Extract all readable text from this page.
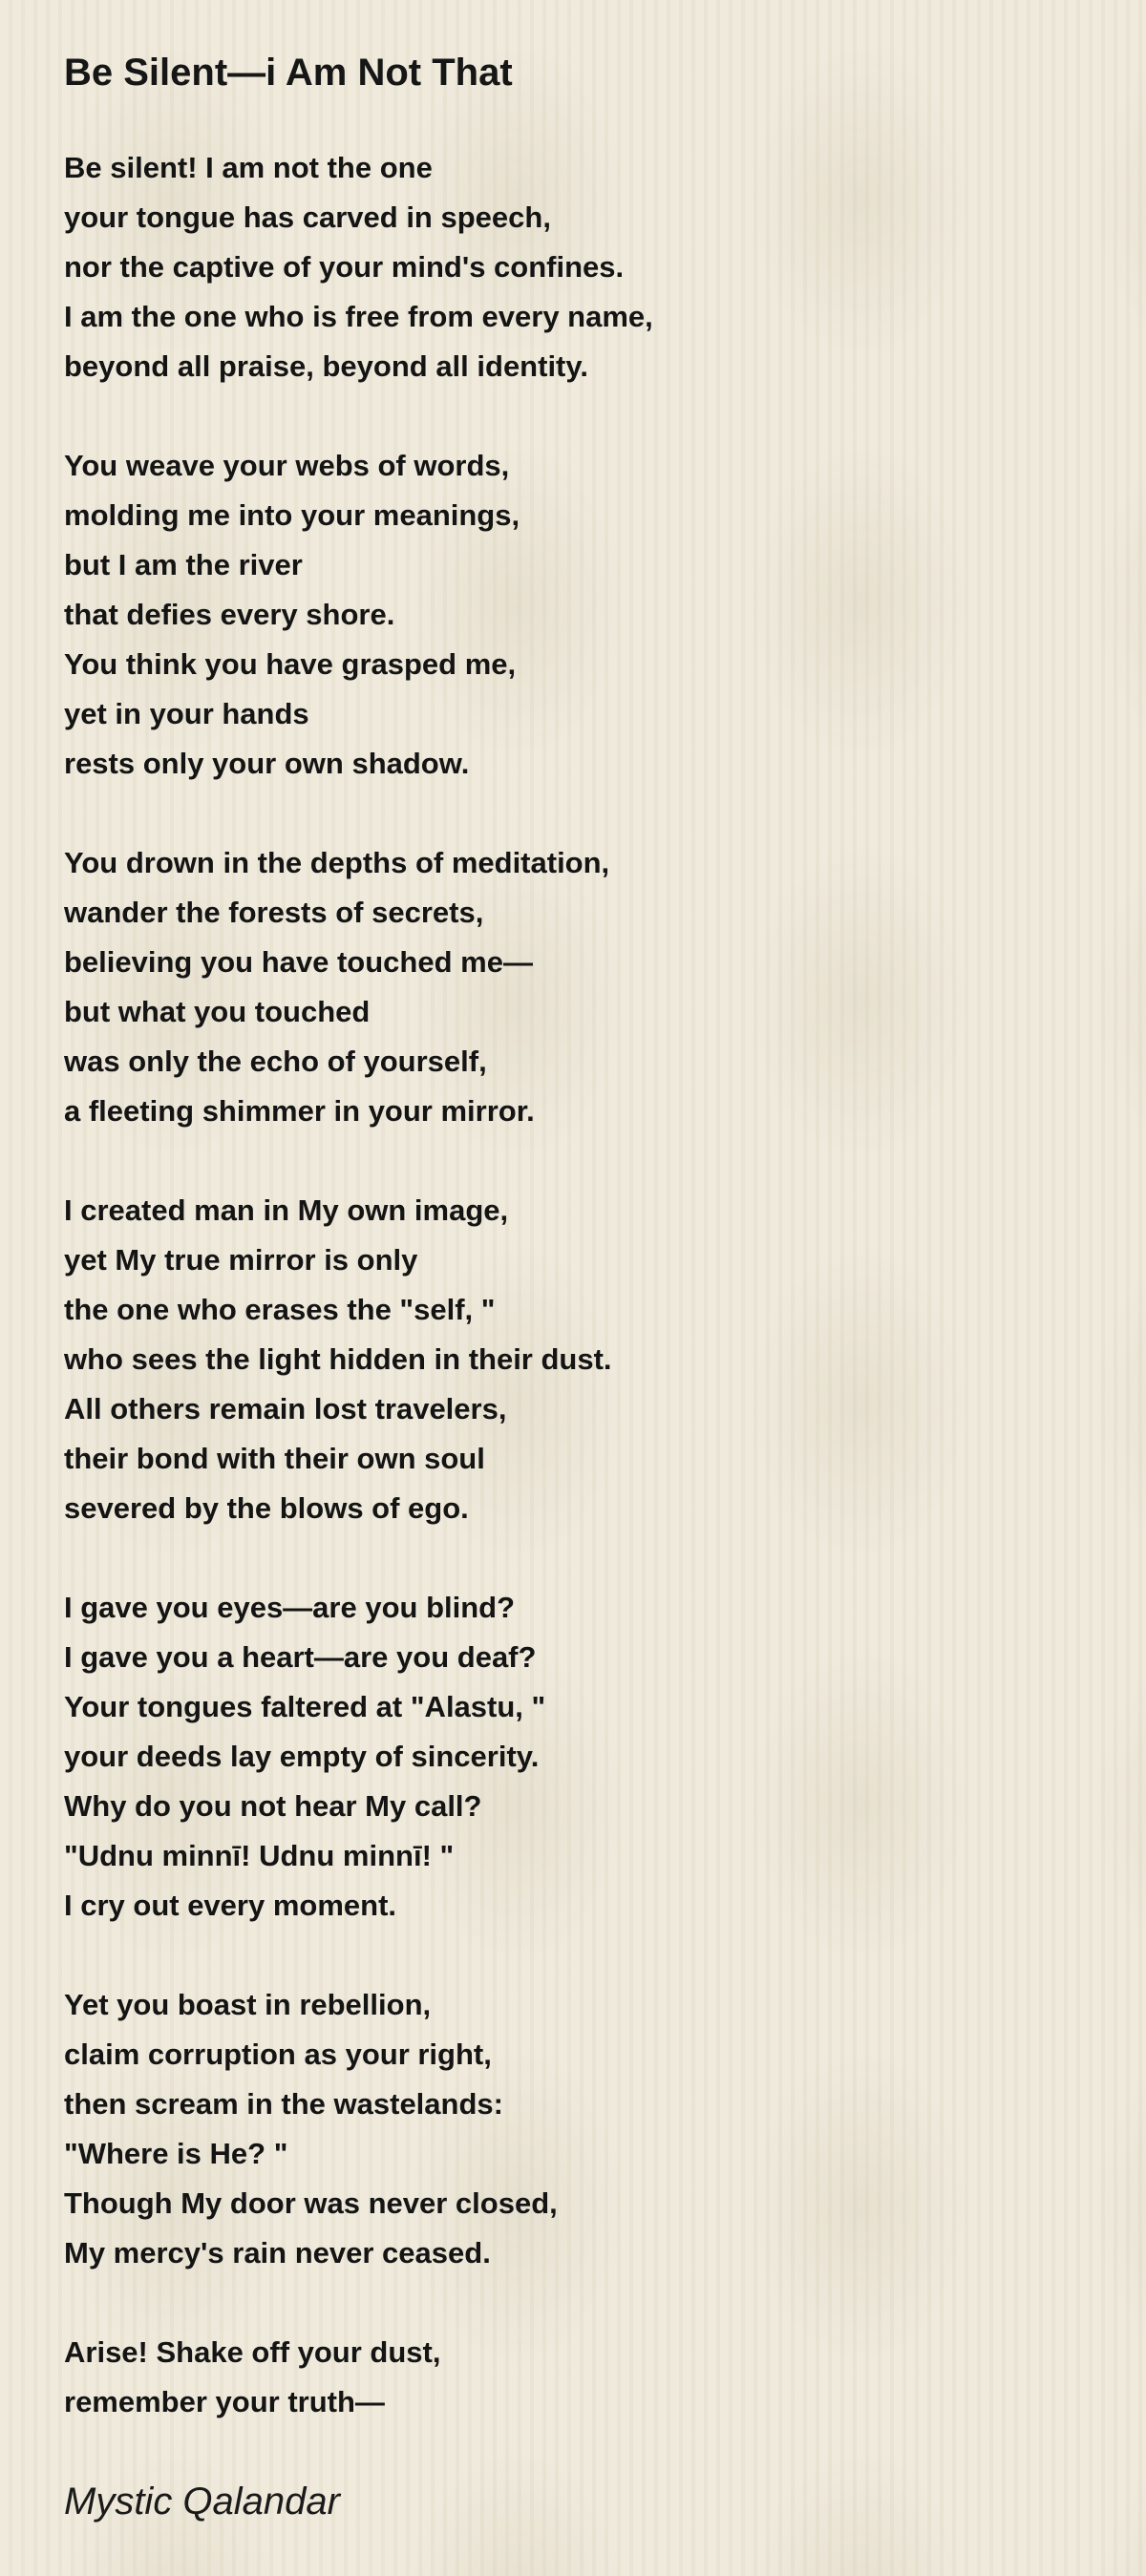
Be Silent—i Am Not That
Be silent! I am not the one
your tongue has carved in speech,
nor the captive of your mind's confines.
I am the one who is free from every name,
beyond all praise, beyond all identity.
You weave your webs of words,
molding me into your meanings,
but I am the river
that defies every shore.
You think you have grasped me,
yet in your hands
rests only your own shadow.
You drown in the depths of meditation,
wander the forests of secrets,
believing you have touched me—
but what you touched
was only the echo of yourself,
a fleeting shimmer in your mirror.
I created man in My own image,
yet My true mirror is only
the one who erases the "self, "
who sees the light hidden in their dust.
All others remain lost travelers,
their bond with their own soul
severed by the blows of ego.
I gave you eyes—are you blind?
I gave you a heart—are you deaf?
Your tongues faltered at "Alastu, "
your deeds lay empty of sincerity.
Why do you not hear My call?
"Udnu minnī! Udnu minnī! "
I cry out every moment.
Yet you boast in rebellion,
claim corruption as your right,
then scream in the wastelands:
"Where is He? "
Though My door was never closed,
My mercy's rain never ceased.
Arise! Shake off your dust,
remember your truth—
Mystic Qalandar
